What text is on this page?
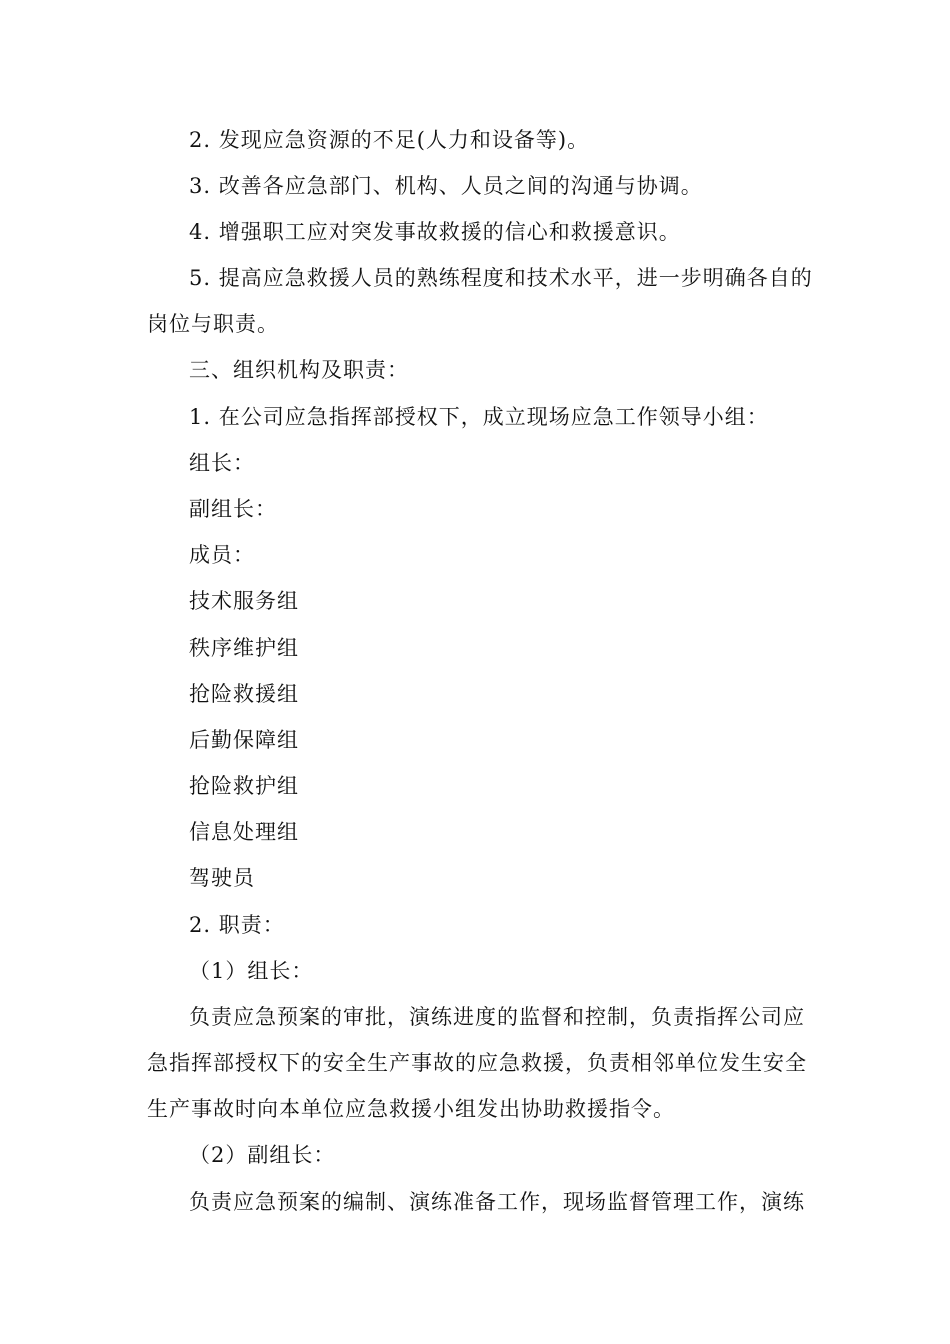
2. 发现应急资源的不足(人力和设备等)。
3. 改善各应急部门、机构、人员之间的沟通与协调。
4. 增强职工应对突发事故救援的信心和救援意识。
5. 提高应急救援人员的熟练程度和技术水平，进一步明确各自的
岗位与职责。
三、组织机构及职责：
1. 在公司应急指挥部授权下，成立现场应急工作领导小组：
组长：
副组长：
成员：
技术服务组
秩序维护组
抢险救援组
后勤保障组
抢险救护组
信息处理组
驾驶员
2. 职责：
（1）组长：
负责应急预案的审批，演练进度的监督和控制，负责指挥公司应
急指挥部授权下的安全生产事故的应急救援，负责相邻单位发生安全
生产事故时向本单位应急救援小组发出协助救援指令。
（2）副组长：
负责应急预案的编制、演练准备工作，现场监督管理工作，演练
